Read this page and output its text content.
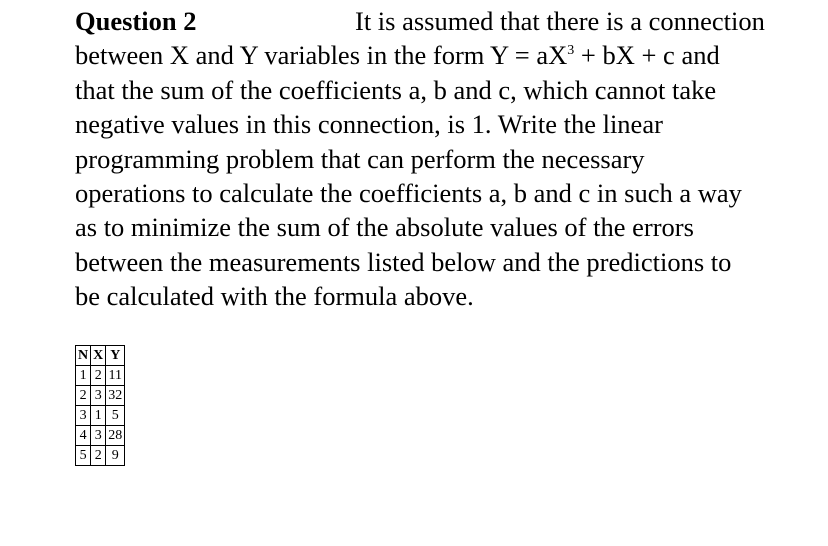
Question 2	It is assumed that there is a connection
between X and Y variables in the form $Y = aX^3$ + bX + c and
that the sum of the coefficients a, b and c, which cannot take
negative values in this connection, is 1. Write the linear
programming problem that can perform the necessary
operations to calculate the coefficients a, b and c in such a way
as to minimize the sum of the absolute values of the errors
between the measurements listed below and the predictions to
be calculated with the formula above.
N	X	Y
1	2	11
2	3	32
3	1	5
4	3	28
5	2	9
